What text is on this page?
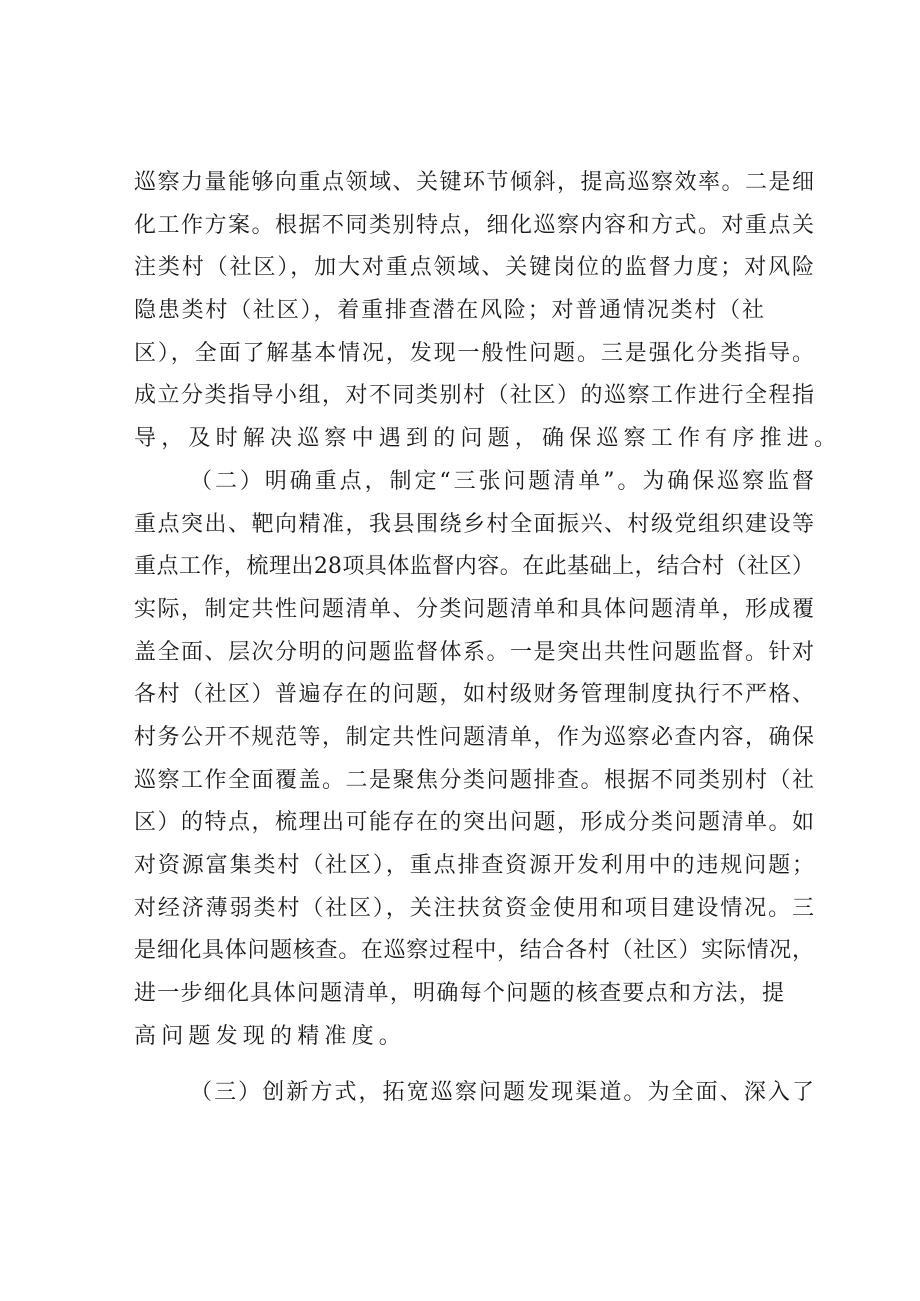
巡察力量能够向重点领域、关键环节倾斜，提高巡察效率。二是细
化工作方案。根据不同类别特点，细化巡察内容和方式。对重点关
注类村（社区），加大对重点领域、关键岗位的监督力度；对风险
隐患类村（社区），着重排查潜在风险；对普通情况类村（社
区），全面了解基本情况，发现一般性问题。三是强化分类指导。
成立分类指导小组，对不同类别村（社区）的巡察工作进行全程指
导，及时解决巡察中遇到的问题，确保巡察工作有序推进。
（二）明确重点，制定“三张问题清单”。为确保巡察监督
重点突出、靶向精准，我县围绕乡村全面振兴、村级党组织建设等
重点工作，梳理出28项具体监督内容。在此基础上，结合村（社区）
实际，制定共性问题清单、分类问题清单和具体问题清单，形成覆
盖全面、层次分明的问题监督体系。一是突出共性问题监督。针对
各村（社区）普遍存在的问题，如村级财务管理制度执行不严格、
村务公开不规范等，制定共性问题清单，作为巡察必查内容，确保
巡察工作全面覆盖。二是聚焦分类问题排查。根据不同类别村（社
区）的特点，梳理出可能存在的突出问题，形成分类问题清单。如
对资源富集类村（社区），重点排查资源开发利用中的违规问题；
对经济薄弱类村（社区），关注扶贫资金使用和项目建设情况。三
是细化具体问题核查。在巡察过程中，结合各村（社区）实际情况，
进一步细化具体问题清单，明确每个问题的核查要点和方法，提
高问题发现的精准度。
（三）创新方式，拓宽巡察问题发现渠道。为全面、深入了
